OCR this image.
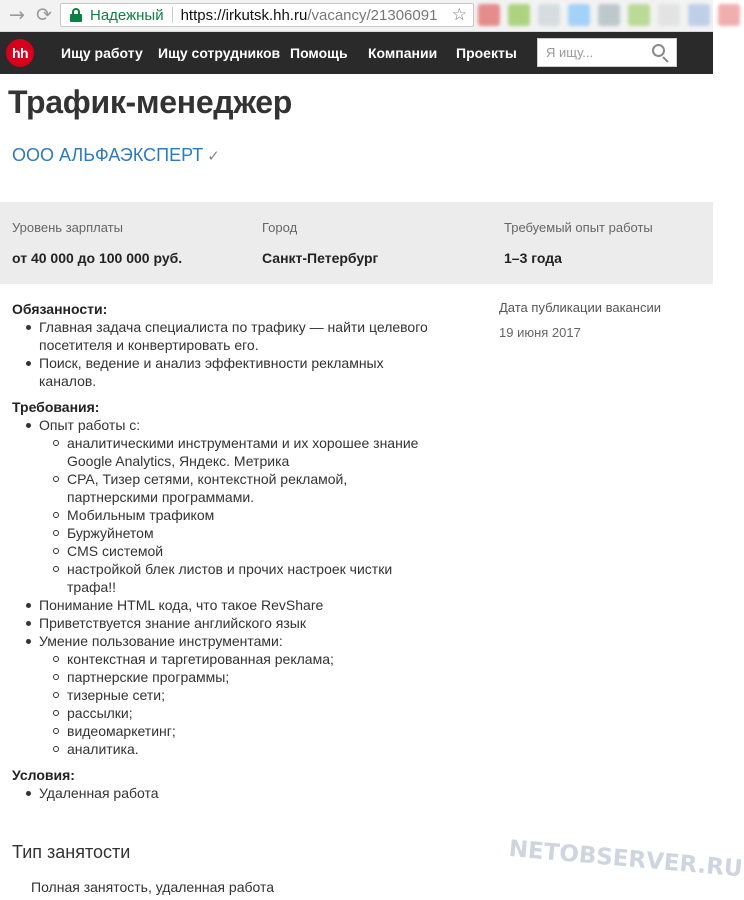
→ ⟳	Надежный https://irkutsk.hh.ru /vacancy/21306091 ☆
hh	Ищу работу Ищу сотрудников Помощь Компании Проекты
Я ищу...
Трафик-менеджер
ООО АЛЬФАЭКСПЕРТ ✓
Уровень зарплаты
от 40 000 до 100 000 руб.
Город
Санкт-Петербург
Требуемый опыт работы
1–3 года
Обязанности:
Главная задача специалиста по трафику — найти целевого посетителя и конвертировать его.
Поиск, ведение и анализ эффективности рекламных каналов.
Требования:
Опыт работы с:
аналитическими инструментами и их хорошее знание Google Analytics, Яндекс. Метрика
CPA, Тизер сетями, контекстной рекламой, партнерскими программами.
Мобильным трафиком
Буржуйнетом
CMS системой
настройкой блек листов и прочих настроек чистки трафа!!
Понимание HTML кода, что такое RevShare
Приветствуется знание английского язык
Умение пользование инструментами:
контекстная и таргетированная реклама;
партнерские программы;
тизерные сети;
рассылки;
видеомаркетинг;
аналитика.
Условия:
Удаленная работа
Дата публикации вакансии
19 июня 2017
Тип занятости
Полная занятость, удаленная работа
NETOBSERVER.RU
